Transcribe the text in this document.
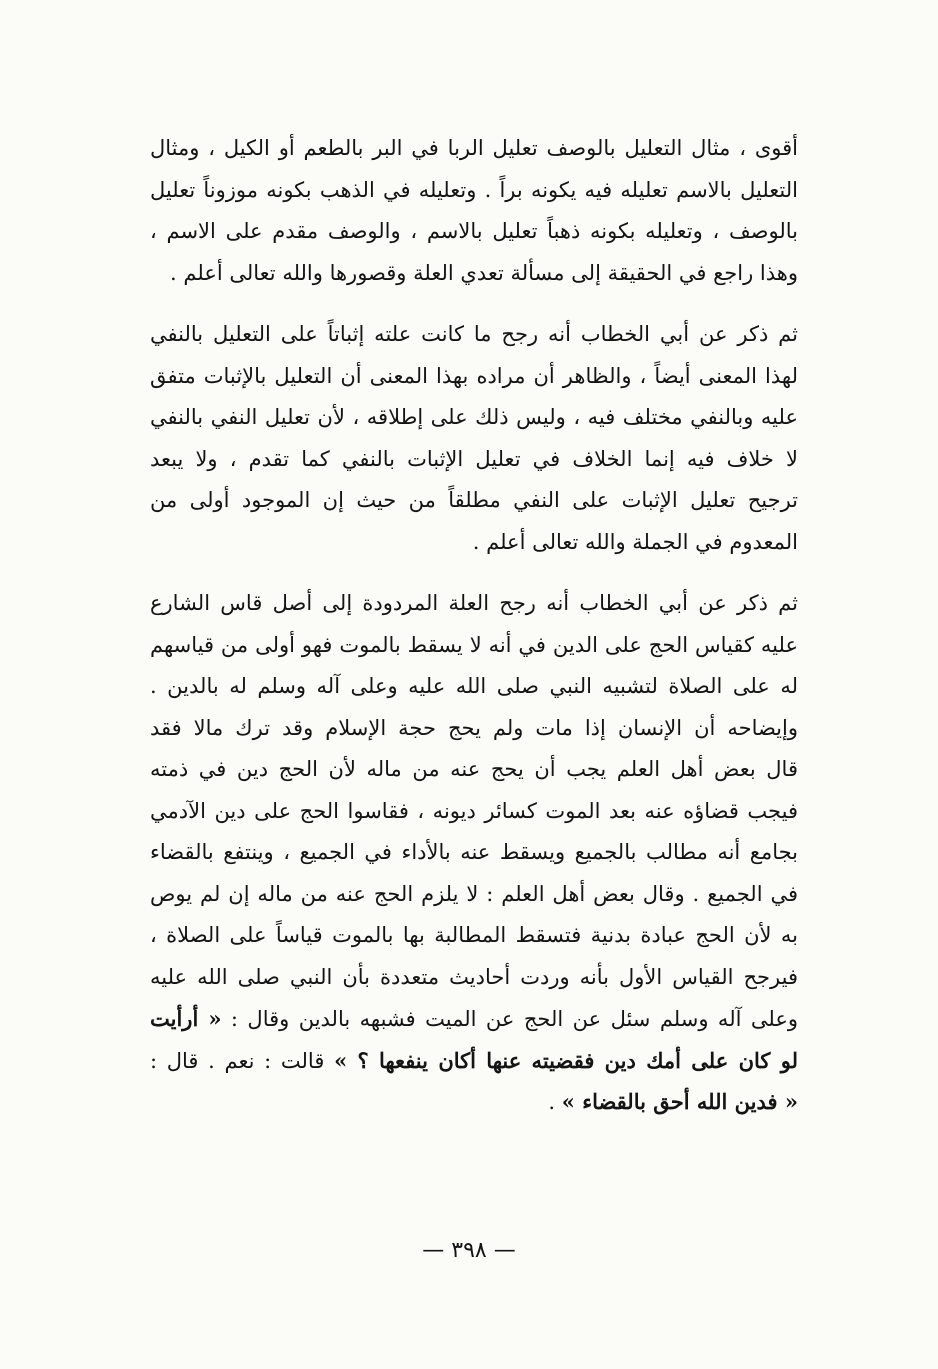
أقوى ، مثال التعليل بالوصف تعليل الربا في البر بالطعم أو الكيل ، ومثال
التعليل بالاسم تعليله فيه يكونه براً . وتعليله في الذهب بكونه موزوناً تعليل
بالوصف ، وتعليله بكونه ذهباً تعليل بالاسم ، والوصف مقدم على الاسم ،
وهذا راجع في الحقيقة إلى مسألة تعدي العلة وقصورها والله تعالى أعلم .
ثم ذكر عن أبي الخطاب أنه رجح ما كانت علته إثباتاً على التعليل بالنفي
لهذا المعنى أيضاً ، والظاهر أن مراده بهذا المعنى أن التعليل بالإثبات متفق
عليه وبالنفي مختلف فيه ، وليس ذلك على إطلاقه ، لأن تعليل النفي بالنفي
لا خلاف فيه إنما الخلاف في تعليل الإثبات بالنفي كما تقدم ، ولا يبعد
ترجيح تعليل الإثبات على النفي مطلقاً من حيث إن الموجود أولى من
المعدوم في الجملة والله تعالى أعلم .
ثم ذكر عن أبي الخطاب أنه رجح العلة المردودة إلى أصل قاس الشارع
عليه كقياس الحج على الدين في أنه لا يسقط بالموت فهو أولى من قياسهم
له على الصلاة لتشبيه النبي صلى الله عليه وعلى آله وسلم له بالدين .
وإيضاحه أن الإنسان إذا مات ولم يحج حجة الإسلام وقد ترك مالا فقد
قال بعض أهل العلم يجب أن يحج عنه من ماله لأن الحج دين في ذمته
فيجب قضاؤه عنه بعد الموت كسائر ديونه ، فقاسوا الحج على دين الآدمي
بجامع أنه مطالب بالجميع ويسقط عنه بالأداء في الجميع ، وينتفع بالقضاء
في الجميع . وقال بعض أهل العلم : لا يلزم الحج عنه من ماله إن لم يوص
به لأن الحج عبادة بدنية فتسقط المطالبة بها بالموت قياساً على الصلاة ،
فيرجح القياس الأول بأنه وردت أحاديث متعددة بأن النبي صلى الله عليه
وعلى آله وسلم سئل عن الحج عن الميت فشبهه بالدين وقال : « أرأيت
لو كان على أمك دين فقضيته عنها أكان ينفعها ؟ » قالت : نعم . قال :
« فدين الله أحق بالقضاء » .
— ٣٩٨ —
